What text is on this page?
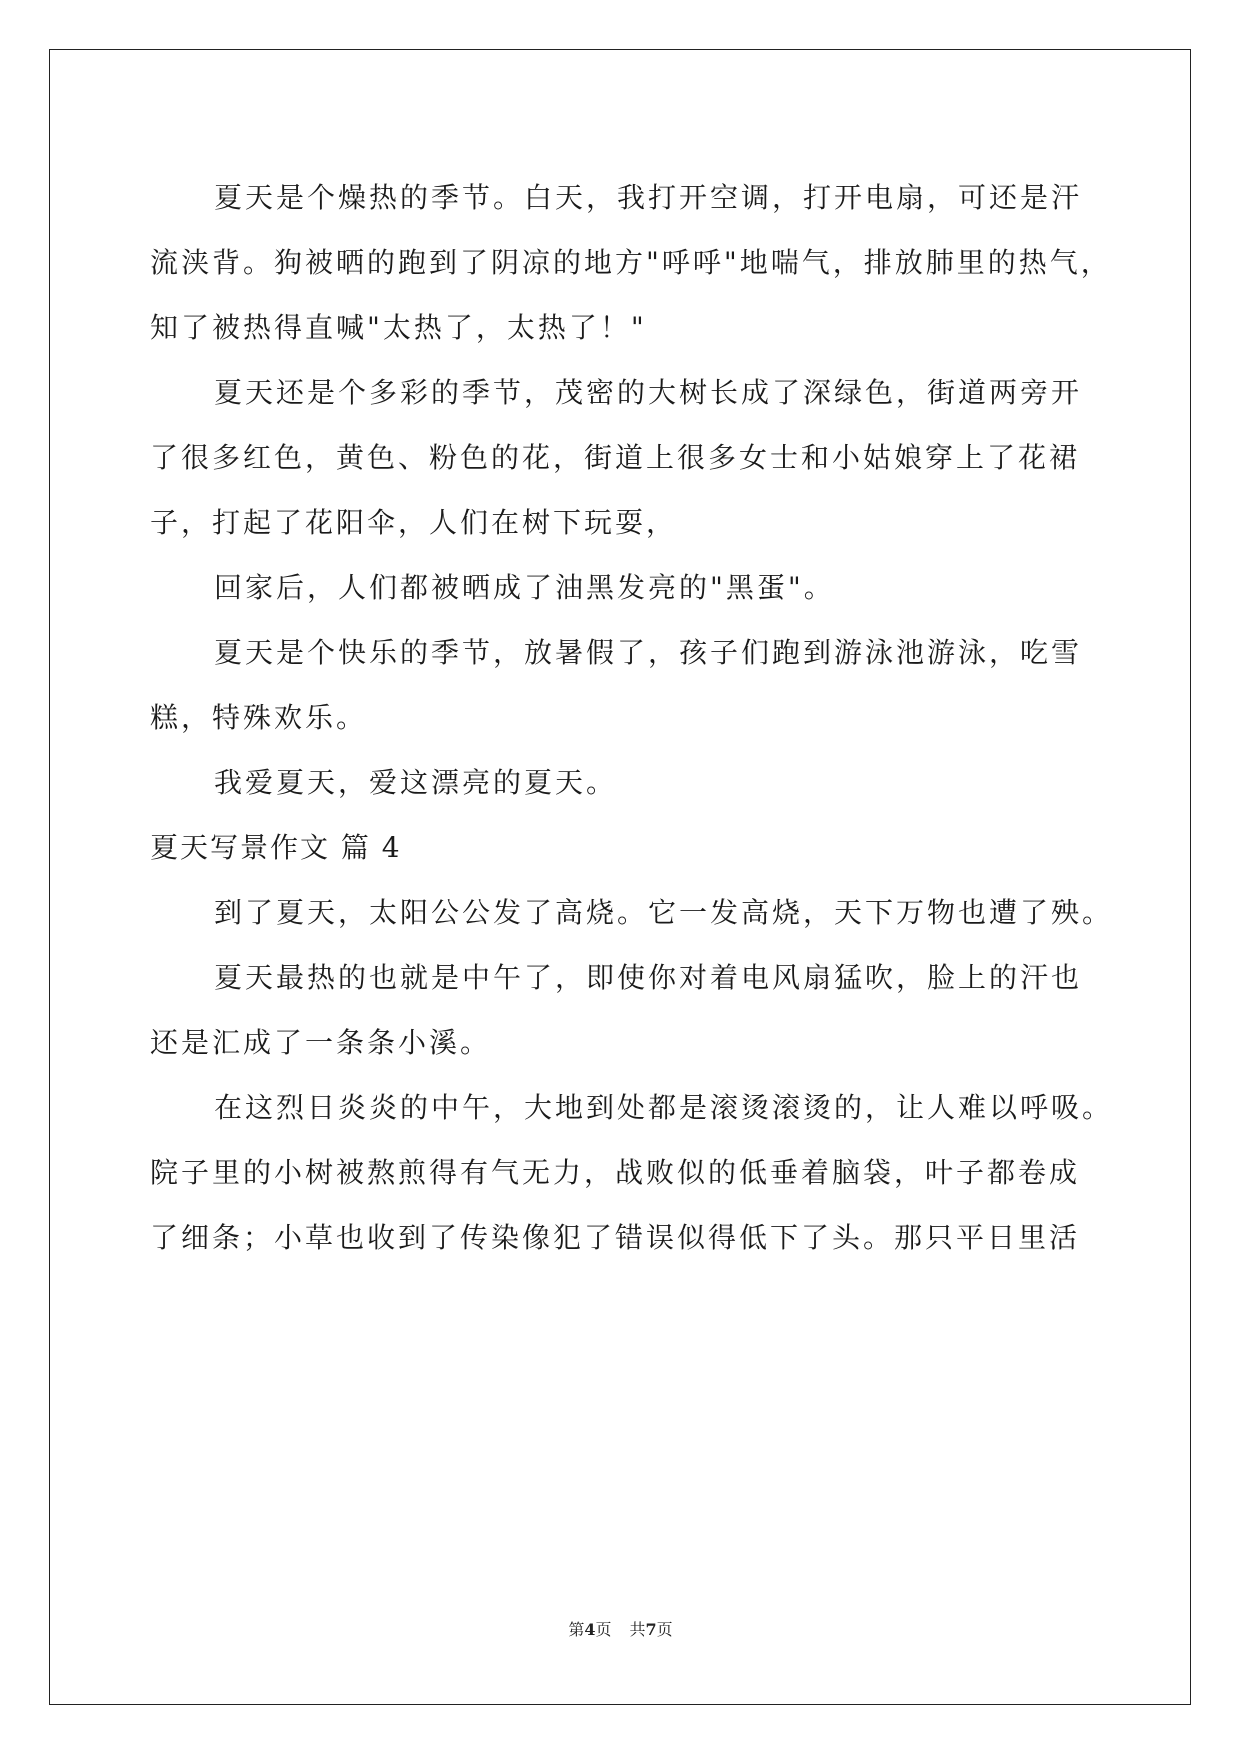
夏天是个燥热的季节。白天，我打开空调，打开电扇，可还是汗
流浃背。狗被晒的跑到了阴凉的地方"呼呼"地喘气，排放肺里的热气，
知了被热得直喊"太热了，太热了！"
夏天还是个多彩的季节，茂密的大树长成了深绿色，街道两旁开
了很多红色，黄色、粉色的花，街道上很多女士和小姑娘穿上了花裙
子，打起了花阳伞，人们在树下玩耍，
回家后，人们都被晒成了油黑发亮的"黑蛋"。
夏天是个快乐的季节，放暑假了，孩子们跑到游泳池游泳，吃雪
糕，特殊欢乐。
我爱夏天，爱这漂亮的夏天。
夏天写景作文 篇 4
到了夏天，太阳公公发了高烧。它一发高烧，天下万物也遭了殃。
夏天最热的也就是中午了，即使你对着电风扇猛吹，脸上的汗也
还是汇成了一条条小溪。
在这烈日炎炎的中午，大地到处都是滚烫滚烫的，让人难以呼吸。
院子里的小树被熬煎得有气无力，战败似的低垂着脑袋，叶子都卷成
了细条；小草也收到了传染像犯了错误似得低下了头。那只平日里活
第4页 共7页
